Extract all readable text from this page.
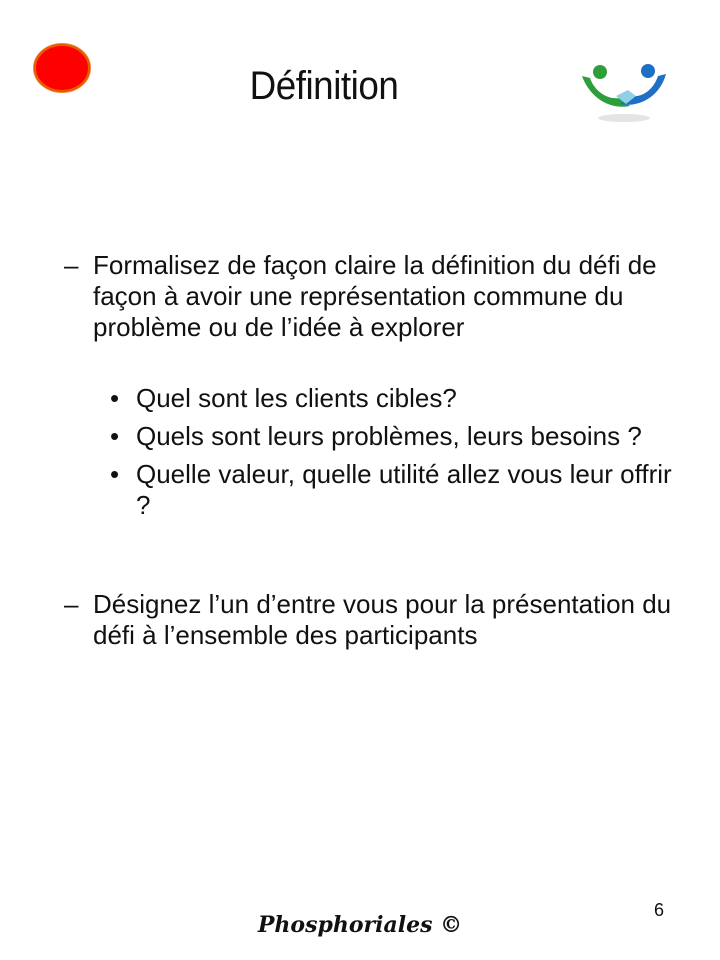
Définition
– Formalisez de façon claire la définition du défi de façon à avoir une représentation commune du problème ou de l’idée à explorer
• Quel sont les clients cibles?
• Quels sont leurs problèmes, leurs besoins ?
• Quelle valeur, quelle utilité allez vous leur offrir ?
– Désignez l’un d’entre vous pour la présentation du défi à l’ensemble des participants
6
Phosphoriales ©
